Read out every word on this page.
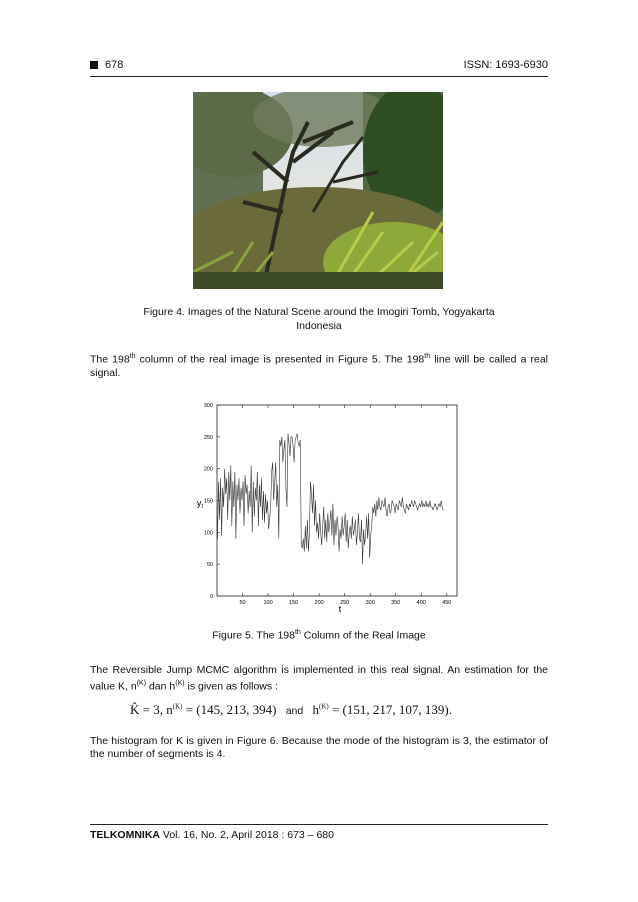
678	ISSN: 1693-6930
Figure 4. Images of the Natural Scene around the Imogiri Tomb, Yogyakarta
Indonesia
The 198th column of the real image is presented in Figure 5. The 198th line will be called a real signal.
0
50
100
150
200
250
300
50	100	150	200	250	300	350	400	450
$y_t$
t
Figure 5. The 198th Column of the Real Image
The Reversible Jump MCMC algorithm is implemented in this real signal. An estimation for the value K, $n^{(K)}$ dan $h^{(K)}$ is given as follows :
K̂ = 3, $n^{(K)} = (145$, 213, 394) and $h^{(K)} = (151$, 217, 107, 139).
The histogram for K is given in Figure 6. Because the mode of the histogram is 3, the estimator of the number of segments is 4.
TELKOMNIKA Vol. 16, No. 2, April 2018 : 673 – 680
